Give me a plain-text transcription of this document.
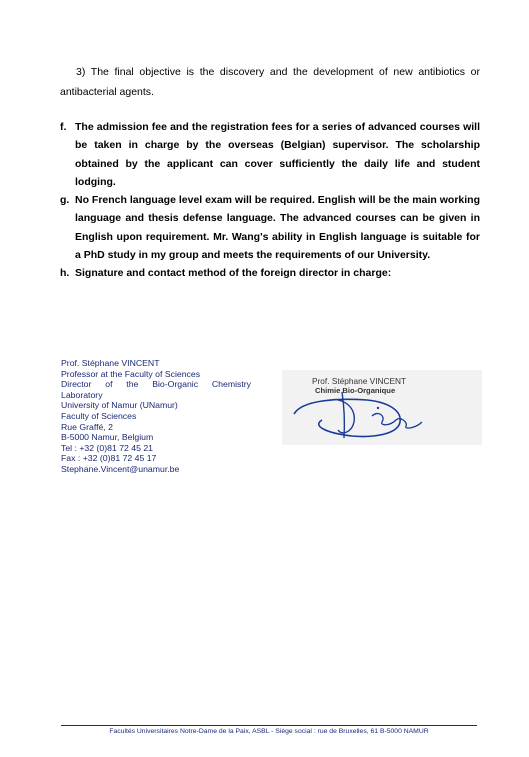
3) The final objective is the discovery and the development of new antibiotics or antibacterial agents.
f. The admission fee and the registration fees for a series of advanced courses will be taken in charge by the overseas (Belgian) supervisor. The scholarship obtained by the applicant can cover sufficiently the daily life and student lodging.
g. No French language level exam will be required. English will be the main working language and thesis defense language. The advanced courses can be given in English upon requirement. Mr. Wang's ability in English language is suitable for a PhD study in my group and meets the requirements of our University.
h. Signature and contact method of the foreign director in charge:
Prof. Stéphane VINCENT
Professor at the Faculty of Sciences
Director of the Bio-Organic Chemistry
Laboratory
University of Namur (UNamur)
Faculty of Sciences
Rue Graffé, 2
B-5000 Namur, Belgium
Tel : +32 (0)81 72 45 21
Fax : +32 (0)81 72 45 17
Stephane.Vincent@unamur.be
Prof. Stéphane VINCENT
Chimie Bio-Organique
Facultés Universitaires Notre-Dame de la Paix, ASBL - Siège social : rue de Bruxelles, 61 B-5000 NAMUR
